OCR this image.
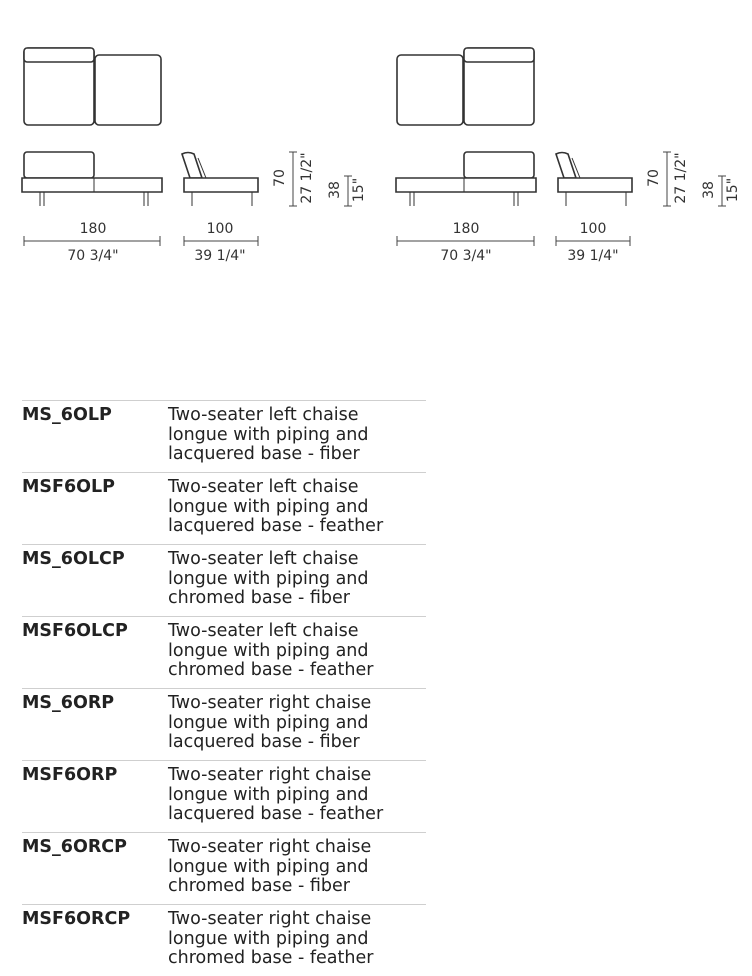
180
70 3/4"
100
39 1/4"
70 27 1/2" 38 15"
180
70 3/4"
100
39 1/4"
70 27 1/2" 38 15"
MS_6OLP	Two-seater left chaise
longue with piping and
lacquered base - fiber
MSF6OLP	Two-seater left chaise
longue with piping and
lacquered base - feather
MS_6OLCP Two-seater left chaise
longue with piping and
chromed base - fiber
MSF6OLCP Two-seater left chaise
longue with piping and
chromed base - feather
MS_6ORP	Two-seater right chaise
longue with piping and
lacquered base - fiber
MSF6ORP	Two-seater right chaise
longue with piping and
lacquered base - feather
MS_6ORCP Two-seater right chaise
longue with piping and
chromed base - fiber
MSF6ORCP Two-seater right chaise
longue with piping and
chromed base - feather
